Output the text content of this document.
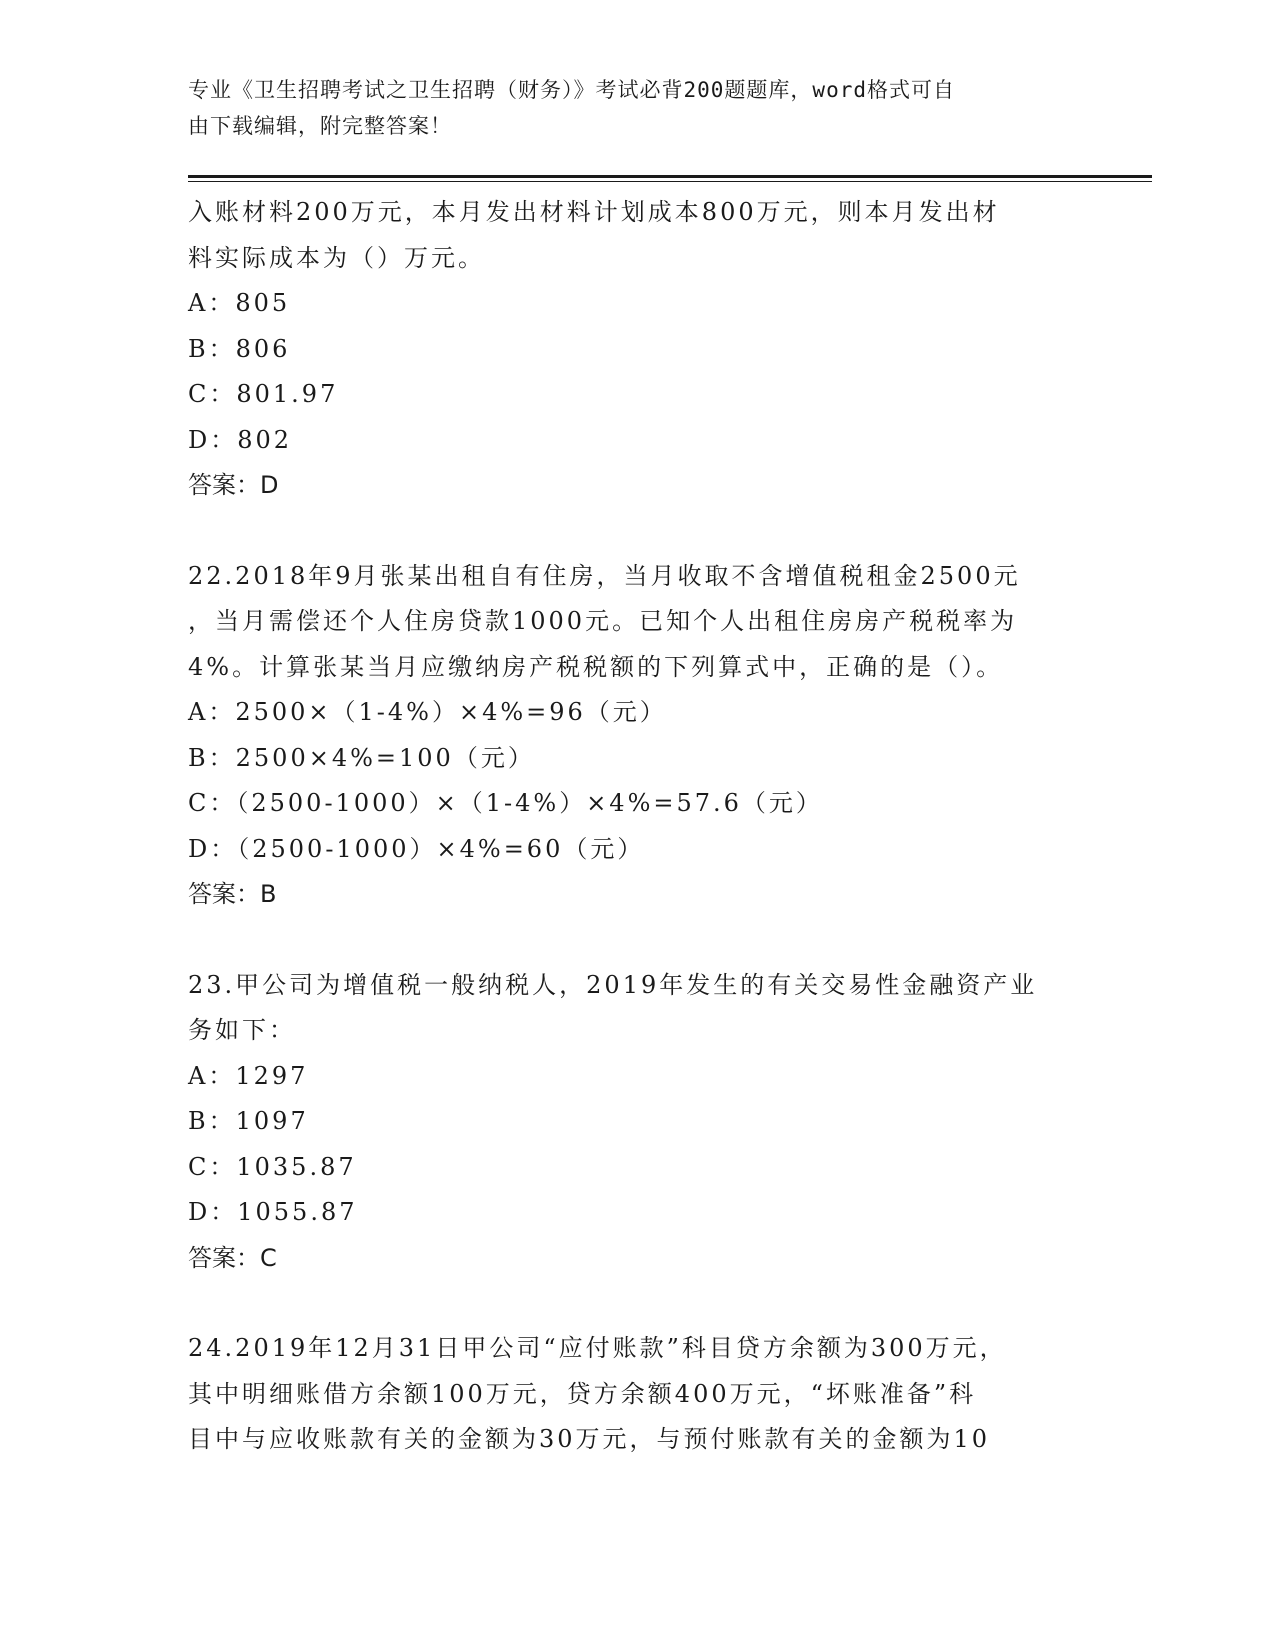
专业《卫生招聘考试之卫生招聘（财务）》考试必背200题题库，word格式可自
由下载编辑，附完整答案！
入账材料200万元，本月发出材料计划成本800万元，则本月发出材
料实际成本为（）万元。
A：805
B：806
C：801.97
D：802
答案：D
22.2018年9月张某出租自有住房，当月收取不含增值税租金2500元
，当月需偿还个人住房贷款1000元。已知个人出租住房房产税税率为
4%。计算张某当月应缴纳房产税税额的下列算式中，正确的是（）。
A：2500×（1-4%）×4%=96（元）
B：2500×4%=100（元）
C：（2500-1000）×（1-4%）×4%=57.6（元）
D：（2500-1000）×4%=60（元）
答案：B
23.甲公司为增值税一般纳税人，2019年发生的有关交易性金融资产业
务如下：
A：1297
B：1097
C：1035.87
D：1055.87
答案：C
24.2019年12月31日甲公司“应付账款”科目贷方余额为300万元，
其中明细账借方余额100万元，贷方余额400万元，“坏账准备”科
目中与应收账款有关的金额为30万元，与预付账款有关的金额为10
